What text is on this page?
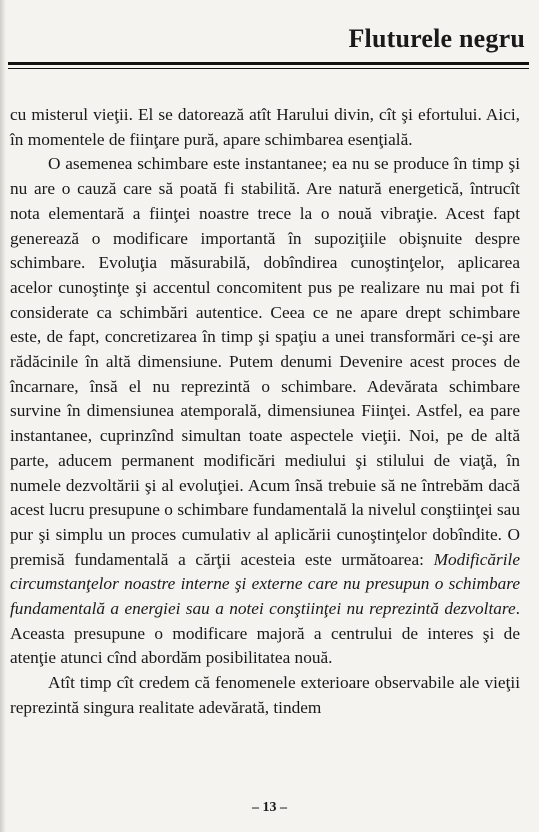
Fluturele negru

cu misterul vieţii. El se datorează atît Harului divin, cît şi efortului. Aici, în momentele de fiinţare pură, apare schimbarea esenţială.

O asemenea schimbare este instantanee; ea nu se produce în timp şi nu are o cauză care să poată fi stabilită. Are natură energetică, întrucît nota elementară a fiinţei noastre trece la o nouă vibraţie. Acest fapt generează o modificare importantă în supoziţiile obişnuite despre schimbare. Evoluţia măsurabilă, dobîndirea cunoştinţelor, aplicarea acelor cunoştinţe şi accentul concomitent pus pe realizare nu mai pot fi considerate ca schimbări autentice. Ceea ce ne apare drept schimbare este, de fapt, concretizarea în timp şi spaţiu a unei transformări ce-şi are rădăcinile în altă dimensiune. Putem denumi Devenire acest proces de încarnare, însă el nu reprezintă o schimbare. Adevărata schimbare survine în dimensiunea atemporală, dimensiunea Fiinţei. Astfel, ea pare instantanee, cuprinzînd simultan toate aspectele vieţii. Noi, pe de altă parte, aducem permanent modificări mediului şi stilului de viaţă, în numele dezvoltării şi al evoluţiei. Acum însă trebuie să ne întrebăm dacă acest lucru presupune o schimbare fundamentală la nivelul conştiinţei sau pur şi simplu un proces cumulativ al aplicării cunoştinţelor dobîndite. O premisă fundamentală a cărţii acesteia este următoarea: Modificările circumstanţelor noastre interne şi externe care nu presupun o schimbare fundamentală a energiei sau a notei conştiinţei nu reprezintă dezvoltare. Aceasta presupune o modificare majoră a centrului de interes şi de atenţie atunci cînd abordăm posibilitatea nouă.

Atît timp cît credem că fenomenele exterioare observabile ale vieţii reprezintă singura realitate adevărată, tindem

– 13 –
